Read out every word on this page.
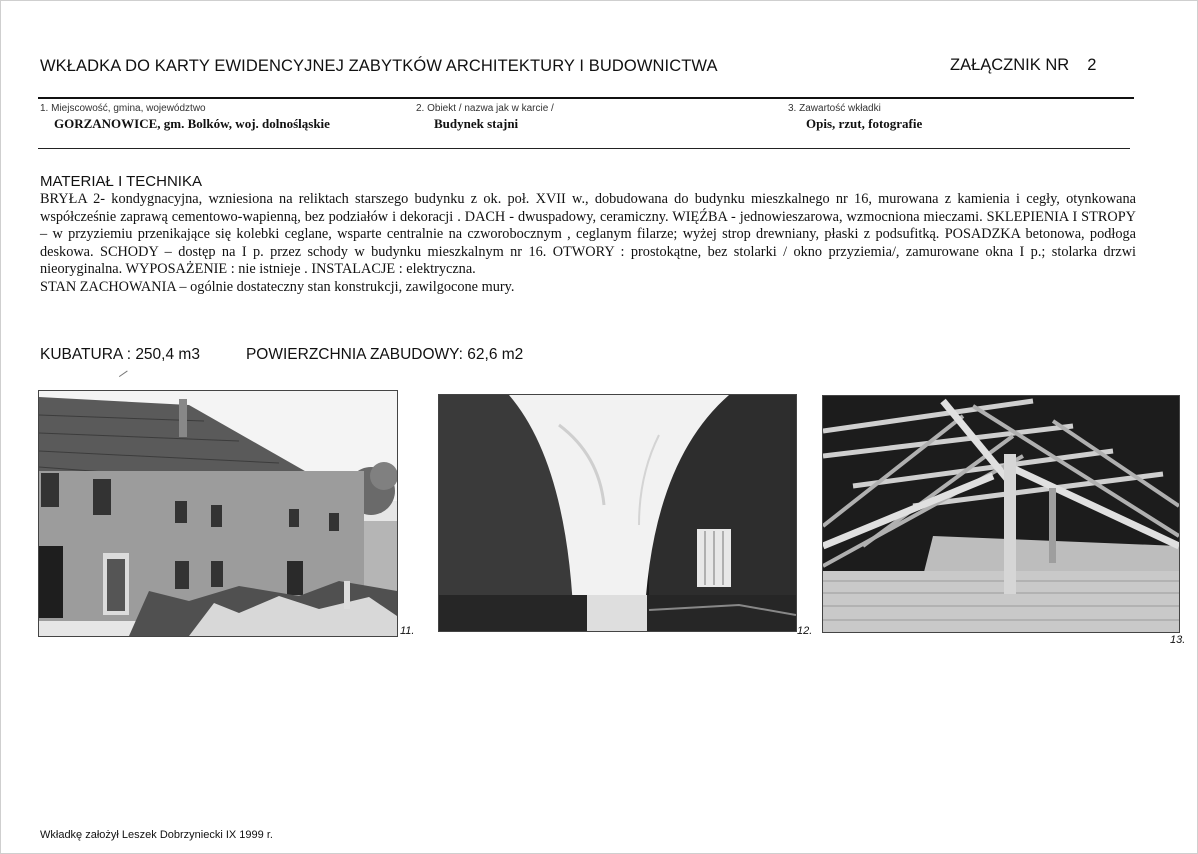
WKŁADKA DO KARTY EWIDENCYJNEJ ZABYTKÓW ARCHITEKTURY I BUDOWNICTWA	ZAŁĄCZNIK NR 2
1. Miejscowość, gmina, województwo
GORZANOWICE, gm. Bolków, woj. dolnośląskie
2. Obiekt / nazwa jak w karcie /
Budynek stajni
3. Zawartość wkładki
Opis, rzut, fotografie
MATERIAŁ I TECHNIKA

BRYŁA 2- kondygnacyjna, wzniesiona na reliktach starszego budynku z ok. poł. XVII w., dobudowana do budynku mieszkalnego nr 16, murowana z kamienia i cegły, otynkowana współcześnie zaprawą cementowo-wapienną, bez podziałów i dekoracji . DACH - dwuspadowy, ceramiczny. WIĘŹBA - jednowieszarowa, wzmocniona mieczami. SKLEPIENIA I STROPY – w przyziemiu przenikające się kolebki ceglane, wsparte centralnie na czworobocznym , ceglanym filarze; wyżej strop drewniany, płaski z podsufitką. POSADZKA betonowa, podłoga deskowa. SCHODY – dostęp na I p. przez schody w budynku mieszkalnym nr 16. OTWORY : prostokątne, bez stolarki / okno przyziemia/, zamurowane okna I p.; stolarka drzwi nieoryginalna. WYPOSAŻENIE : nie istnieje . INSTALACJE : elektryczna.

STAN ZACHOWANIA – ogólnie dostateczny stan konstrukcji, zawilgocone mury.

KUBATURA : 250,4 m3	POWIERZCHNIA ZABUDOWY: 62,6 m2
11.	12.
13.
Wkładkę założył Leszek Dobrzyniecki IX 1999 r.
